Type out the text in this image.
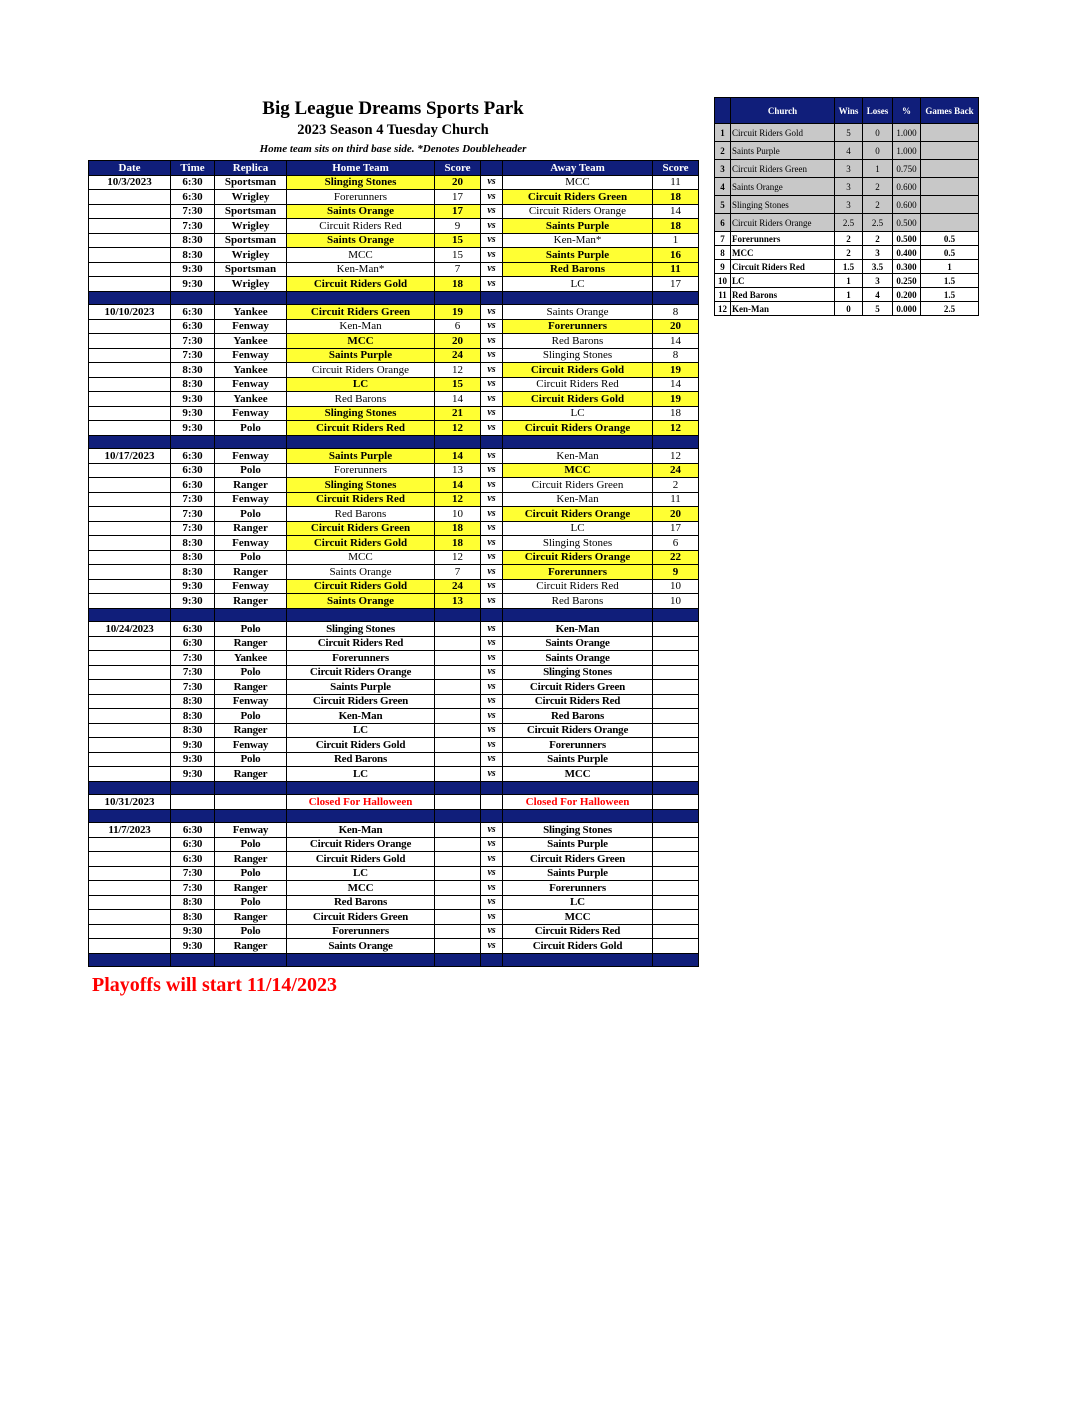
Big League Dreams Sports Park
2023 Season 4 Tuesday Church
Home team sits on third base side. *Denotes Doubleheader
Date	Time	Replica	Home Team	Score		Away Team	Score
10/3/2023	6:30	Sportsman	Slinging Stones	20	vs	MCC	11
	6:30	Wrigley	Forerunners	17	vs	Circuit Riders Green	18
	7:30	Sportsman	Saints Orange	17	vs	Circuit Riders Orange	14
	7:30	Wrigley	Circuit Riders Red	9	vs	Saints Purple	18
	8:30	Sportsman	Saints Orange	15	vs	Ken-Man*	1
	8:30	Wrigley	MCC	15	vs	Saints Purple	16
	9:30	Sportsman	Ken-Man*	7	vs	Red Barons	11
	9:30	Wrigley	Circuit Riders Gold	18	vs	LC	17

10/10/2023	6:30	Yankee	Circuit Riders Green	19	vs	Saints Orange	8
	6:30	Fenway	Ken-Man	6	vs	Forerunners	20
	7:30	Yankee	MCC	20	vs	Red Barons	14
	7:30	Fenway	Saints Purple	24	vs	Slinging Stones	8
	8:30	Yankee	Circuit Riders Orange	12	vs	Circuit Riders Gold	19
	8:30	Fenway	LC	15	vs	Circuit Riders Red	14
	9:30	Yankee	Red Barons	14	vs	Circuit Riders Gold	19
	9:30	Fenway	Slinging Stones	21	vs	LC	18
	9:30	Polo	Circuit Riders Red	12	vs	Circuit Riders Orange	12

10/17/2023	6:30	Fenway	Saints Purple	14	vs	Ken-Man	12
	6:30	Polo	Forerunners	13	vs	MCC	24
	6:30	Ranger	Slinging Stones	14	vs	Circuit Riders Green	2
	7:30	Fenway	Circuit Riders Red	12	vs	Ken-Man	11
	7:30	Polo	Red Barons	10	vs	Circuit Riders Orange	20
	7:30	Ranger	Circuit Riders Green	18	vs	LC	17
	8:30	Fenway	Circuit Riders Gold	18	vs	Slinging Stones	6
	8:30	Polo	MCC	12	vs	Circuit Riders Orange	22
	8:30	Ranger	Saints Orange	7	vs	Forerunners	9
	9:30	Fenway	Circuit Riders Gold	24	vs	Circuit Riders Red	10
	9:30	Ranger	Saints Orange	13	vs	Red Barons	10

10/24/2023	6:30	Polo	Slinging Stones		vs	Ken-Man	
	6:30	Ranger	Circuit Riders Red		vs	Saints Orange	
	7:30	Yankee	Forerunners		vs	Saints Orange	
	7:30	Polo	Circuit Riders Orange		vs	Slinging Stones	
	7:30	Ranger	Saints Purple		vs	Circuit Riders Green	
	8:30	Fenway	Circuit Riders Green		vs	Circuit Riders Red	
	8:30	Polo	Ken-Man		vs	Red Barons	
	8:30	Ranger	LC		vs	Circuit Riders Orange	
	9:30	Fenway	Circuit Riders Gold		vs	Forerunners	
	9:30	Polo	Red Barons		vs	Saints Purple	
	9:30	Ranger	LC		vs	MCC	

10/31/2023			Closed For Halloween			Closed For Halloween	

11/7/2023	6:30	Fenway	Ken-Man		vs	Slinging Stones	
	6:30	Polo	Circuit Riders Orange		vs	Saints Purple	
	6:30	Ranger	Circuit Riders Gold		vs	Circuit Riders Green	
	7:30	Polo	LC		vs	Saints Purple	
	7:30	Ranger	MCC		vs	Forerunners	
	8:30	Polo	Red Barons		vs	LC	
	8:30	Ranger	Circuit Riders Green		vs	MCC	
	9:30	Polo	Forerunners		vs	Circuit Riders Red	
	9:30	Ranger	Saints Orange		vs	Circuit Riders Gold	

	Church	Wins	Loses	%	Games Back
1	Circuit Riders Gold	5	0	1.000	
2	Saints Purple	4	0	1.000	
3	Circuit Riders Green	3	1	0.750	
4	Saints Orange	3	2	0.600	
5	Slinging Stones	3	2	0.600	
6	Circuit Riders Orange	2.5	2.5	0.500	
7	Forerunners	2	2	0.500	0.5
8	MCC	2	3	0.400	0.5
9	Circuit Riders Red	1.5	3.5	0.300	1
10	LC	1	3	0.250	1.5
11	Red Barons	1	4	0.200	1.5
12	Ken-Man	0	5	0.000	2.5
Playoffs will start 11/14/2023
